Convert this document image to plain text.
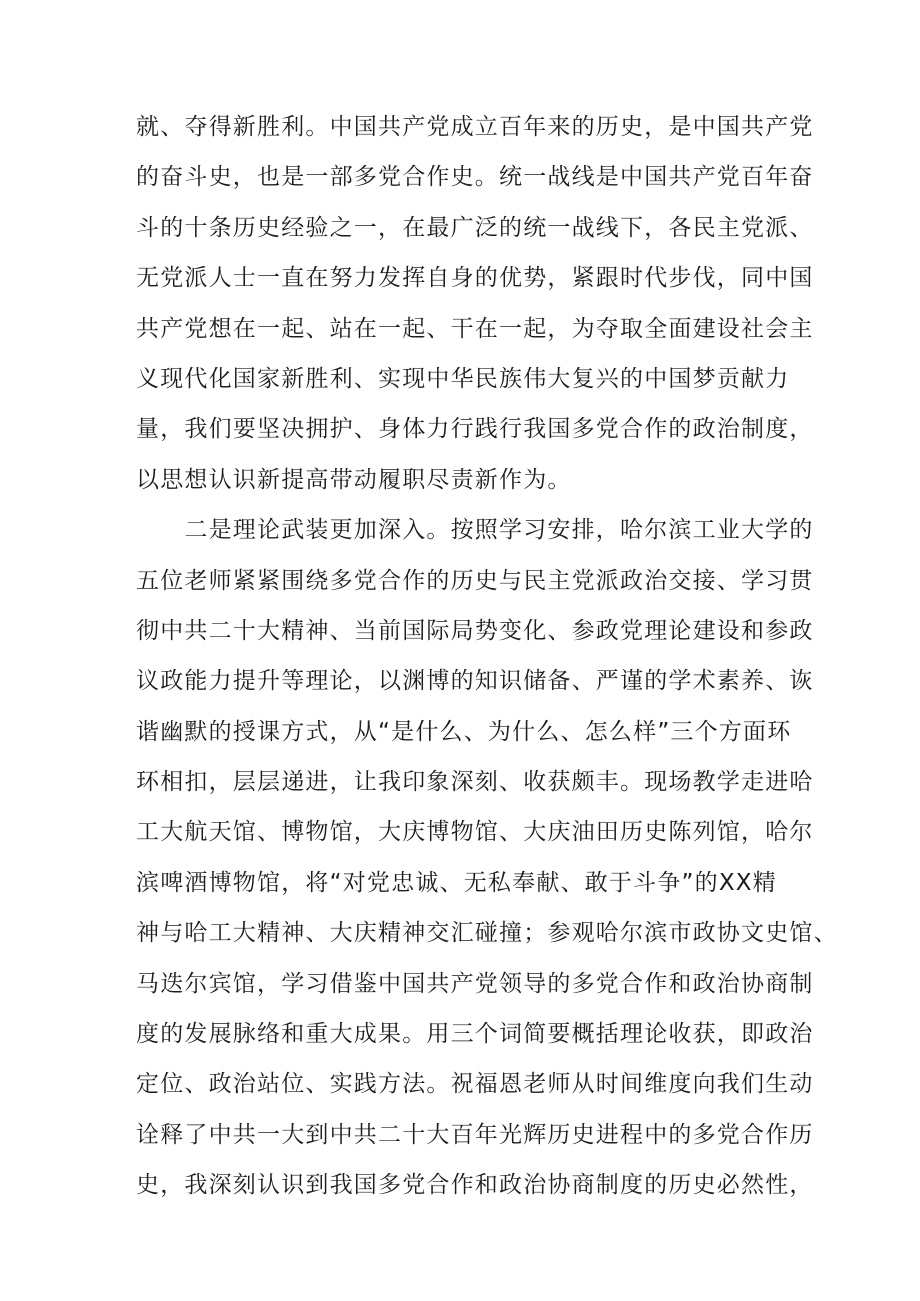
就、夺得新胜利。中国共产党成立百年来的历史，是中国共产党
的奋斗史，也是一部多党合作史。统一战线是中国共产党百年奋
斗的十条历史经验之一，在最广泛的统一战线下，各民主党派、
无党派人士一直在努力发挥自身的优势，紧跟时代步伐，同中国
共产党想在一起、站在一起、干在一起，为夺取全面建设社会主
义现代化国家新胜利、实现中华民族伟大复兴的中国梦贡献力
量，我们要坚决拥护、身体力行践行我国多党合作的政治制度，
以思想认识新提高带动履职尽责新作为。
　　二是理论武装更加深入。按照学习安排，哈尔滨工业大学的
五位老师紧紧围绕多党合作的历史与民主党派政治交接、学习贯
彻中共二十大精神、当前国际局势变化、参政党理论建设和参政
议政能力提升等理论，以渊博的知识储备、严谨的学术素养、诙
谐幽默的授课方式，从“是什么、为什么、怎么样”三个方面环
环相扣，层层递进，让我印象深刻、收获颇丰。现场教学走进哈
工大航天馆、博物馆，大庆博物馆、大庆油田历史陈列馆，哈尔
滨啤酒博物馆，将“对党忠诚、无私奉献、敢于斗争”的XX精
神与哈工大精神、大庆精神交汇碰撞；参观哈尔滨市政协文史馆、
马迭尔宾馆，学习借鉴中国共产党领导的多党合作和政治协商制
度的发展脉络和重大成果。用三个词简要概括理论收获，即政治
定位、政治站位、实践方法。祝福恩老师从时间维度向我们生动
诠释了中共一大到中共二十大百年光辉历史进程中的多党合作历
史，我深刻认识到我国多党合作和政治协商制度的历史必然性，
